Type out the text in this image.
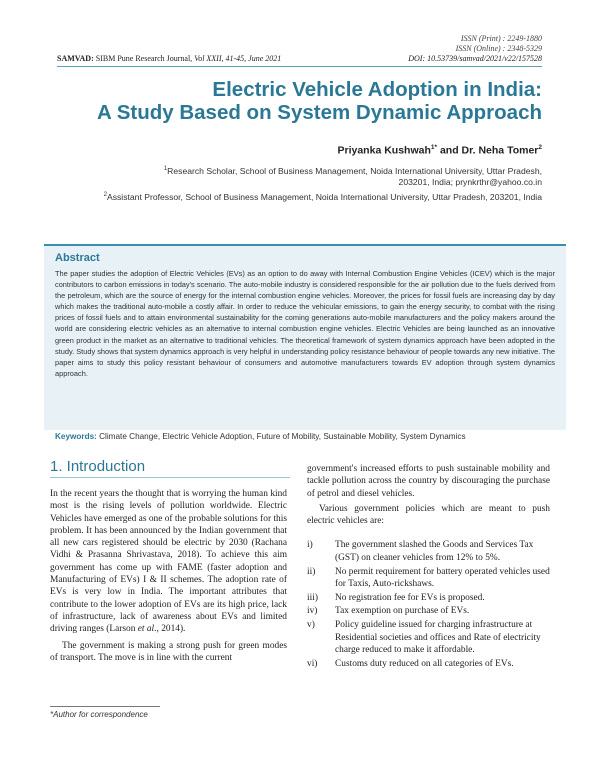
ISSN (Print) : 2249-1880
ISSN (Online) : 2348-5329
SAMVAD: SIBM Pune Research Journal, Vol XXII, 41-45, June 2021	DOI: 10.53739/samvad/2021/v22/157528
Electric Vehicle Adoption in India:
A Study Based on System Dynamic Approach
Priyanka Kushwah$^{1*}$ and Dr. Neha Tomer$^2$
$^1$Research Scholar, School of Business Management, Noida International University, Uttar Pradesh,
203201, India; prynkrthr@yahoo.co.in
$^2$Assistant Professor, School of Business Management, Noida International University, Uttar Pradesh, 203201, India
Abstract
The paper studies the adoption of Electric Vehicles (EVs) as an option to do away with Internal Combustion Engine Vehicles (ICEV) which is the major contributors to carbon emissions in today's scenario. The auto-mobile industry is considered responsible for the air pollution due to the fuels derived from the petroleum, which are the source of energy for the internal combustion engine vehicles. Moreover, the prices for fossil fuels are increasing day by day which makes the traditional auto-mobile a costly affair. In order to reduce the vehicular emissions, to gain the energy security, to combat with the rising prices of fossil fuels and to attain environmental sustainability for the coming generations auto-mobile manufacturers and the policy makers around the world are considering electric vehicles as an alternative to internal combustion engine vehicles. Electric Vehicles are being launched as an innovative green product in the market as an alternative to traditional vehicles. The theoretical framework of system dynamics approach have been adopted in the study. Study shows that system dynamics approach is very helpful in understanding policy resistance behaviour of people towards any new initiative. The paper aims to study this policy resistant behaviour of consumers and automotive manufacturers towards EV adoption through system dynamics approach.
Keywords: Climate Change, Electric Vehicle Adoption, Future of Mobility, Sustainable Mobility, System Dynamics
1. Introduction

In the recent years the thought that is worrying the human kind most is the rising levels of pollution worldwide. Electric Vehicles have emerged as one of the probable solutions for this problem. It has been announced by the Indian government that all new cars registered should be electric by 2030 (Rachana Vidhi & Prasanna Shrivastava, 2018). To achieve this aim government has come up with FAME (faster adoption and Manufacturing of EVs) I & II schemes. The adoption rate of EVs is very low in India. The important attributes that contribute to the lower adoption of EVs are its high price, lack of infrastructure, lack of awareness about EVs and limited driving ranges (Larson et al., 2014).

The government is making a strong push for green modes of transport. The move is in line with the current

government's increased efforts to push sustainable mobility and tackle pollution across the country by discouraging the purchase of petrol and diesel vehicles.

Various government policies which are meant to push electric vehicles are:

i) The government slashed the Goods and Services Tax (GST) on cleaner vehicles from 12% to 5%.
ii) No permit requirement for battery operated vehicles used for Taxis, Auto-rickshaws.
iii) No registration fee for EVs is proposed.
iv) Tax exemption on purchase of EVs.
v) Policy guideline issued for charging infrastructure at Residential societies and offices and Rate of electricity charge reduced to make it affordable.
vi) Customs duty reduced on all categories of EVs.
*Author for correspondence
